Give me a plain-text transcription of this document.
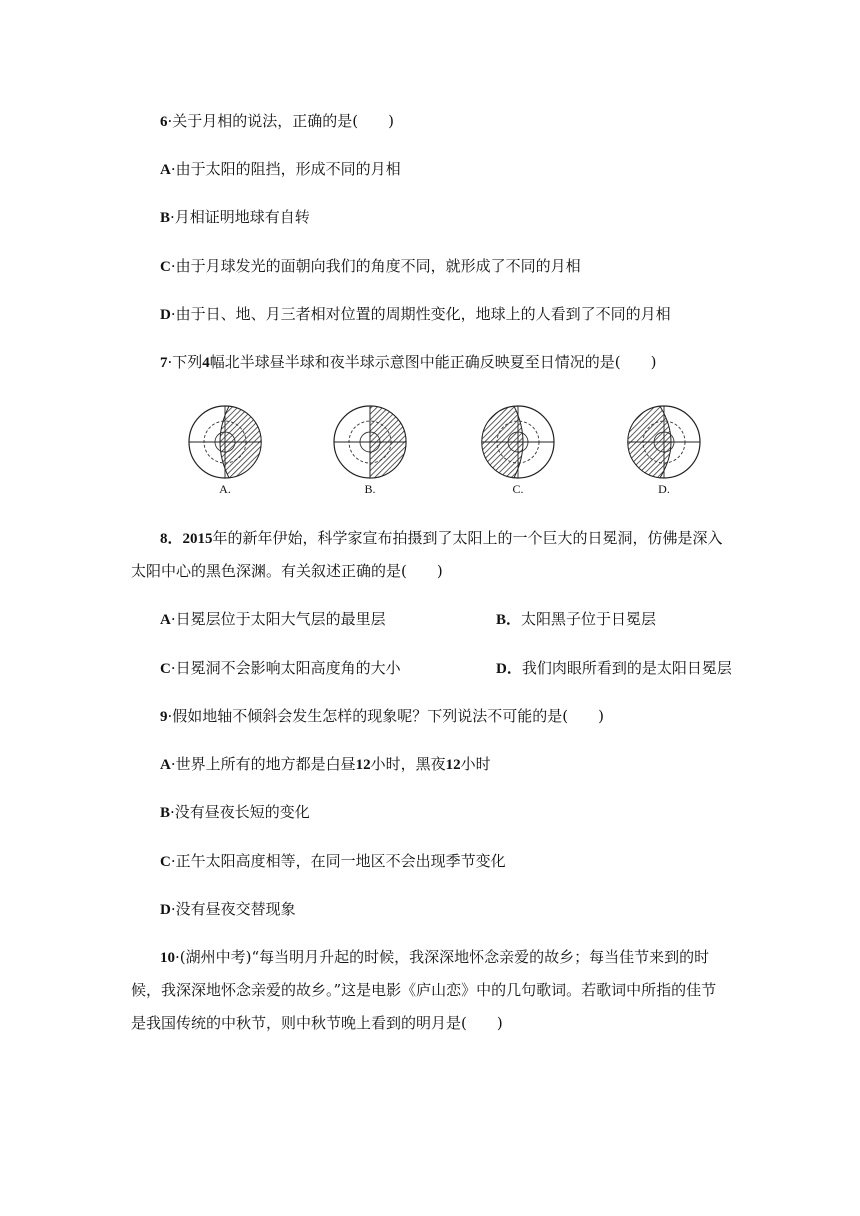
6·关于月相的说法，正确的是(　　)
A·由于太阳的阻挡，形成不同的月相
B·月相证明地球有自转
C·由于月球发光的面朝向我们的角度不同，就形成了不同的月相
D·由于日、地、月三者相对位置的周期性变化，地球上的人看到了不同的月相
7·下列4幅北半球昼半球和夜半球示意图中能正确反映夏至日情况的是(　　)
A.	B.	C.	D.
8．2015年的新年伊始，科学家宣布拍摄到了太阳上的一个巨大的日冕洞，仿佛是深入
太阳中心的黑色深渊。有关叙述正确的是(　　)
A·日冕层位于太阳大气层的最里层	B．太阳黑子位于日冕层
C·日冕洞不会影响太阳高度角的大小	D．我们肉眼所看到的是太阳日冕层
9·假如地轴不倾斜会发生怎样的现象呢？下列说法不可能的是(　　)
A·世界上所有的地方都是白昼12小时，黑夜12小时
B·没有昼夜长短的变化
C·正午太阳高度相等，在同一地区不会出现季节变化
D·没有昼夜交替现象
10·(湖州中考)“每当明月升起的时候，我深深地怀念亲爱的故乡；每当佳节来到的时
候，我深深地怀念亲爱的故乡。”这是电影《庐山恋》中的几句歌词。若歌词中所指的佳节
是我国传统的中秋节，则中秋节晚上看到的明月是(　　)
